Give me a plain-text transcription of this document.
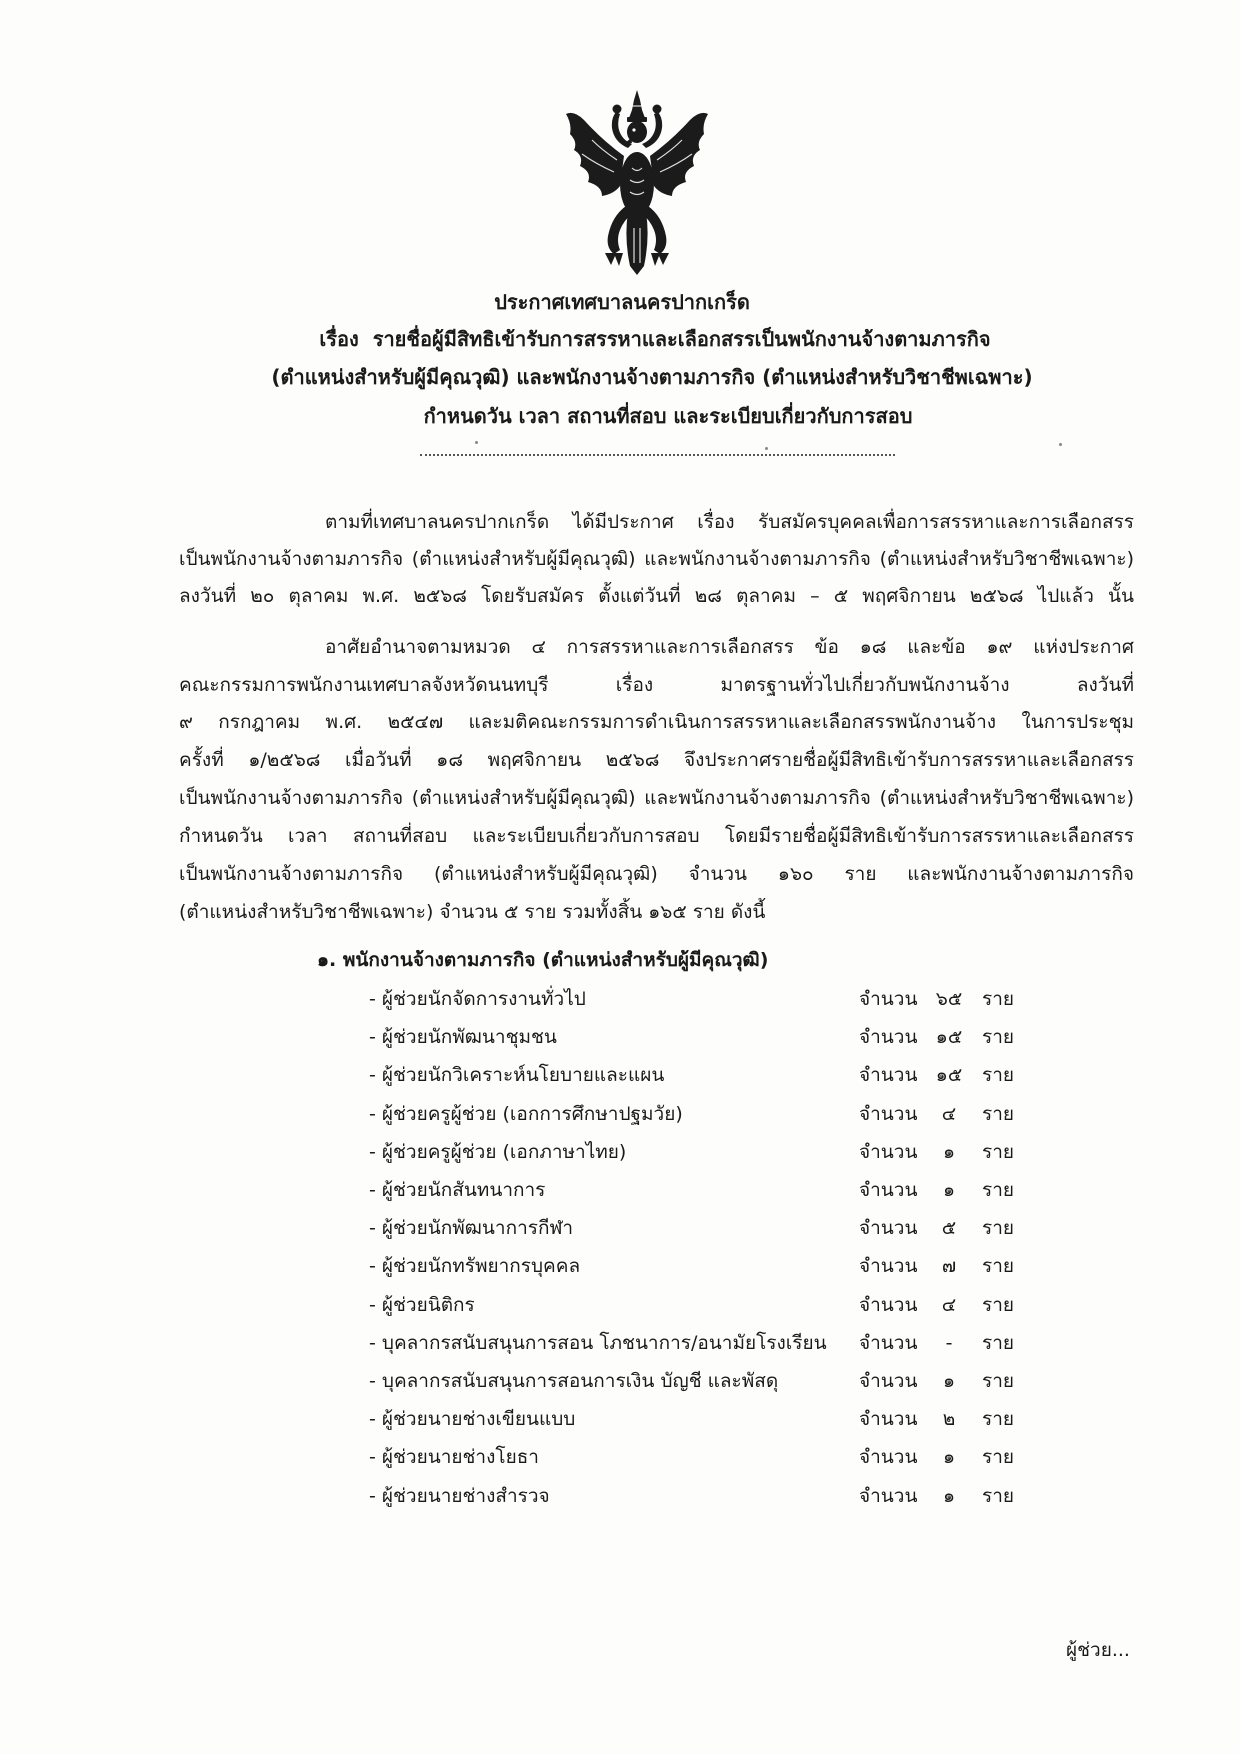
ประกาศเทศบาลนครปากเกร็ด
เรื่อง  รายชื่อผู้มีสิทธิเข้ารับการสรรหาและเลือกสรรเป็นพนักงานจ้างตามภารกิจ
(ตำแหน่งสำหรับผู้มีคุณวุฒิ) และพนักงานจ้างตามภารกิจ (ตำแหน่งสำหรับวิชาชีพเฉพาะ)
กำหนดวัน เวลา สถานที่สอบ และระเบียบเกี่ยวกับการสอบ
ตามที่เทศบาลนครปากเกร็ด ได้มีประกาศ เรื่อง รับสมัครบุคคลเพื่อการสรรหาและการเลือกสรร
เป็นพนักงานจ้างตามภารกิจ (ตำแหน่งสำหรับผู้มีคุณวุฒิ) และพนักงานจ้างตามภารกิจ (ตำแหน่งสำหรับวิชาชีพเฉพาะ)
ลงวันที่ ๒๐ ตุลาคม พ.ศ. ๒๕๖๘ โดยรับสมัคร ตั้งแต่วันที่ ๒๘ ตุลาคม – ๕ พฤศจิกายน ๒๕๖๘ ไปแล้ว นั้น
อาศัยอำนาจตามหมวด ๔ การสรรหาและการเลือกสรร ข้อ ๑๘ และข้อ ๑๙ แห่งประกาศ
คณะกรรมการพนักงานเทศบาลจังหวัดนนทบุรี เรื่อง มาตรฐานทั่วไปเกี่ยวกับพนักงานจ้าง ลงวันที่
๙ กรกฎาคม พ.ศ. ๒๕๔๗ และมติคณะกรรมการดำเนินการสรรหาและเลือกสรรพนักงานจ้าง ในการประชุม
ครั้งที่ ๑/๒๕๖๘ เมื่อวันที่ ๑๘ พฤศจิกายน ๒๕๖๘ จึงประกาศรายชื่อผู้มีสิทธิเข้ารับการสรรหาและเลือกสรร
เป็นพนักงานจ้างตามภารกิจ (ตำแหน่งสำหรับผู้มีคุณวุฒิ) และพนักงานจ้างตามภารกิจ (ตำแหน่งสำหรับวิชาชีพเฉพาะ)
กำหนดวัน เวลา สถานที่สอบ และระเบียบเกี่ยวกับการสอบ โดยมีรายชื่อผู้มีสิทธิเข้ารับการสรรหาและเลือกสรร
เป็นพนักงานจ้างตามภารกิจ (ตำแหน่งสำหรับผู้มีคุณวุฒิ) จำนวน ๑๖๐ ราย และพนักงานจ้างตามภารกิจ
(ตำแหน่งสำหรับวิชาชีพเฉพาะ) จำนวน ๕ ราย รวมทั้งสิ้น ๑๖๕ ราย ดังนี้
๑. พนักงานจ้างตามภารกิจ (ตำแหน่งสำหรับผู้มีคุณวุฒิ)
- ผู้ช่วยนักจัดการงานทั่วไป	จำนวน ๖๕	ราย
- ผู้ช่วยนักพัฒนาชุมชน	จำนวน ๑๕	ราย
- ผู้ช่วยนักวิเคราะห์นโยบายและแผน	จำนวน ๑๕	ราย
- ผู้ช่วยครูผู้ช่วย (เอกการศึกษาปฐมวัย)	จำนวน	๔	ราย
- ผู้ช่วยครูผู้ช่วย (เอกภาษาไทย)	จำนวน	๑	ราย
- ผู้ช่วยนักสันทนาการ	จำนวน	๑	ราย
- ผู้ช่วยนักพัฒนาการกีฬา	จำนวน	๕	ราย
- ผู้ช่วยนักทรัพยากรบุคคล	จำนวน	๗	ราย
- ผู้ช่วยนิติกร	จำนวน	๔	ราย
- บุคลากรสนับสนุนการสอน โภชนาการ/อนามัยโรงเรียน	จำนวน	-	ราย
- บุคลากรสนับสนุนการสอนการเงิน บัญชี และพัสดุ	จำนวน	๑	ราย
- ผู้ช่วยนายช่างเขียนแบบ	จำนวน	๒	ราย
- ผู้ช่วยนายช่างโยธา	จำนวน	๑	ราย
- ผู้ช่วยนายช่างสำรวจ	จำนวน	๑	ราย
ผู้ช่วย...
